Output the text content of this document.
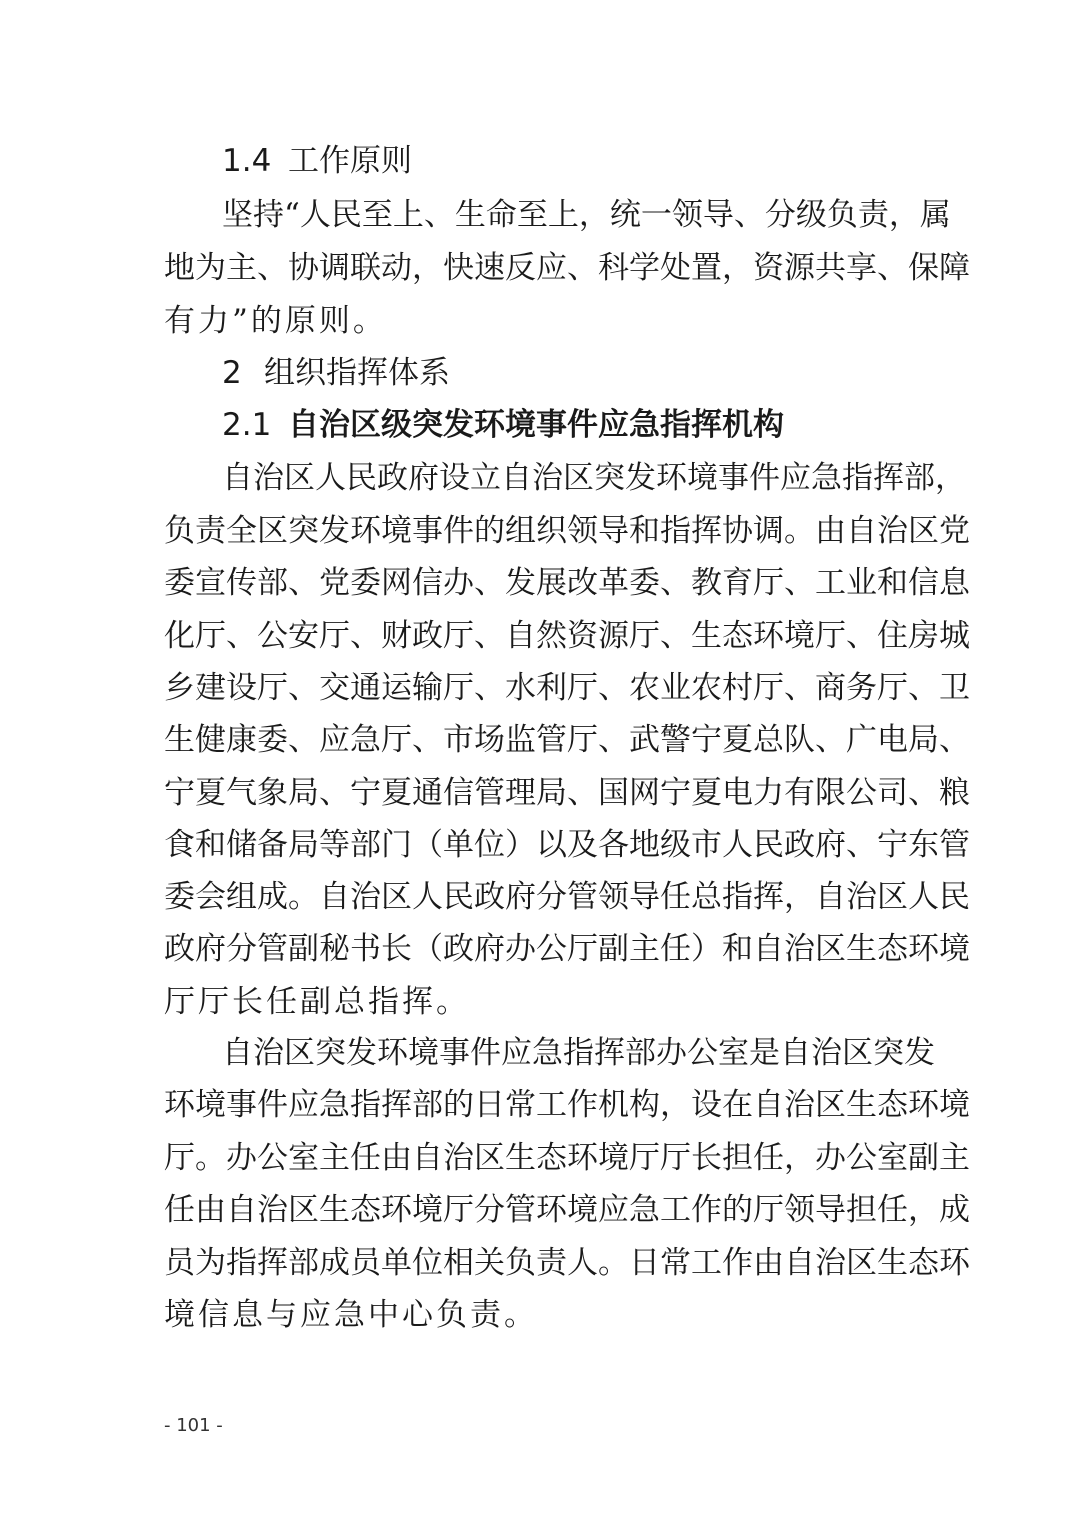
1.4 工作原则
坚持“人民至上、生命至上，统一领导、分级负责，属
地为主、协调联动，快速反应、科学处置，资源共享、保障
有力”的原则。
2 组织指挥体系
2.1 自治区级突发环境事件应急指挥机构
自治区人民政府设立自治区突发环境事件应急指挥部，
负责全区突发环境事件的组织领导和指挥协调。由自治区党
委宣传部、党委网信办、发展改革委、教育厅、工业和信息
化厅、公安厅、财政厅、自然资源厅、生态环境厅、住房城
乡建设厅、交通运输厅、水利厅、农业农村厅、商务厅、卫
生健康委、应急厅、市场监管厅、武警宁夏总队、广电局、
宁夏气象局、宁夏通信管理局、国网宁夏电力有限公司、粮
食和储备局等部门（单位）以及各地级市人民政府、宁东管
委会组成。自治区人民政府分管领导任总指挥，自治区人民
政府分管副秘书长（政府办公厅副主任）和自治区生态环境
厅厅长任副总指挥。
自治区突发环境事件应急指挥部办公室是自治区突发
环境事件应急指挥部的日常工作机构，设在自治区生态环境
厅。办公室主任由自治区生态环境厅厅长担任，办公室副主
任由自治区生态环境厅分管环境应急工作的厅领导担任，成
员为指挥部成员单位相关负责人。日常工作由自治区生态环
境信息与应急中心负责。
- 101 -
